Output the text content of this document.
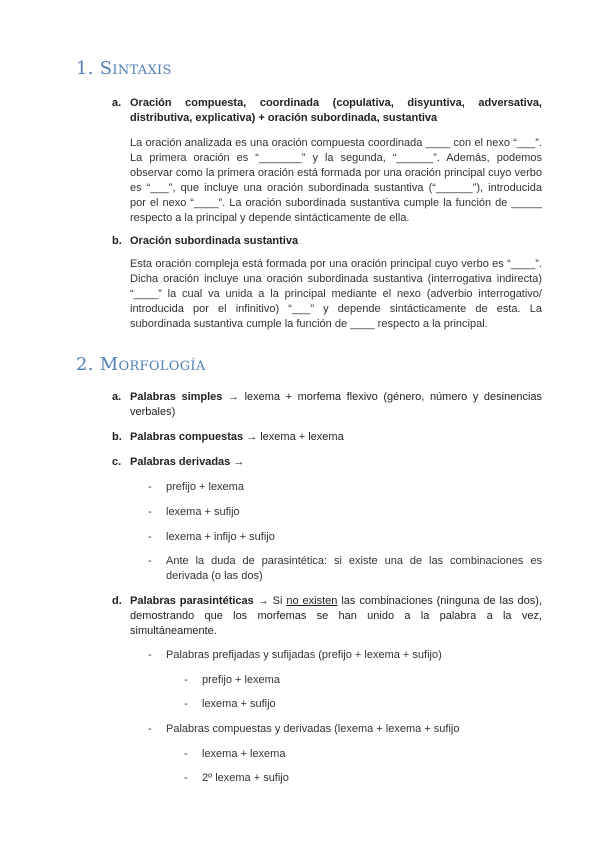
1. Sintaxis
a. Oración compuesta, coordinada (copulativa, disyuntiva, adversativa, distributiva, explicativa) + oración subordinada, sustantiva
La oración analizada es una oración compuesta coordinada ____ con el nexo “___”. La primera oración es “_______” y la segunda, “______”. Además, podemos observar como la primera oración está formada por una oración principal cuyo verbo es “___”, que incluye una oración subordinada sustantiva (“______”), introducida por el nexo “____”. La oración subordinada sustantiva cumple la función de _____ respecto a la principal y depende sintácticamente de ella.
b. Oración subordinada sustantiva
Esta oración compleja está formada por una oración principal cuyo verbo es “____”. Dicha oración incluye una oración subordinada sustantiva (interrogativa indirecta) “____” la cual va unida a la principal mediante el nexo (adverbio interrogativo/ introducida por el infinitivo) “___” y depende sintácticamente de esta. La subordinada sustantiva cumple la función de ____ respecto a la principal.
2. Morfología
a. Palabras simples → lexema + morfema flexivo (género, número y desinencias verbales)
b. Palabras compuestas → lexema + lexema
c. Palabras derivadas →
- prefijo + lexema
- lexema + sufijo
- lexema + infijo + sufijo
- Ante la duda de parasintética: si existe una de las combinaciones es derivada (o las dos)
d. Palabras parasintéticas → Si no existen las combinaciones (ninguna de las dos), demostrando que los morfemas se han unido a la palabra a la vez, simultáneamente.
- Palabras prefijadas y sufijadas (prefijo + lexema + sufijo)
- prefijo + lexema
- lexema + sufijo
- Palabras compuestas y derivadas (lexema + lexema + sufijo
- lexema + lexema
- 2º lexema + sufijo
